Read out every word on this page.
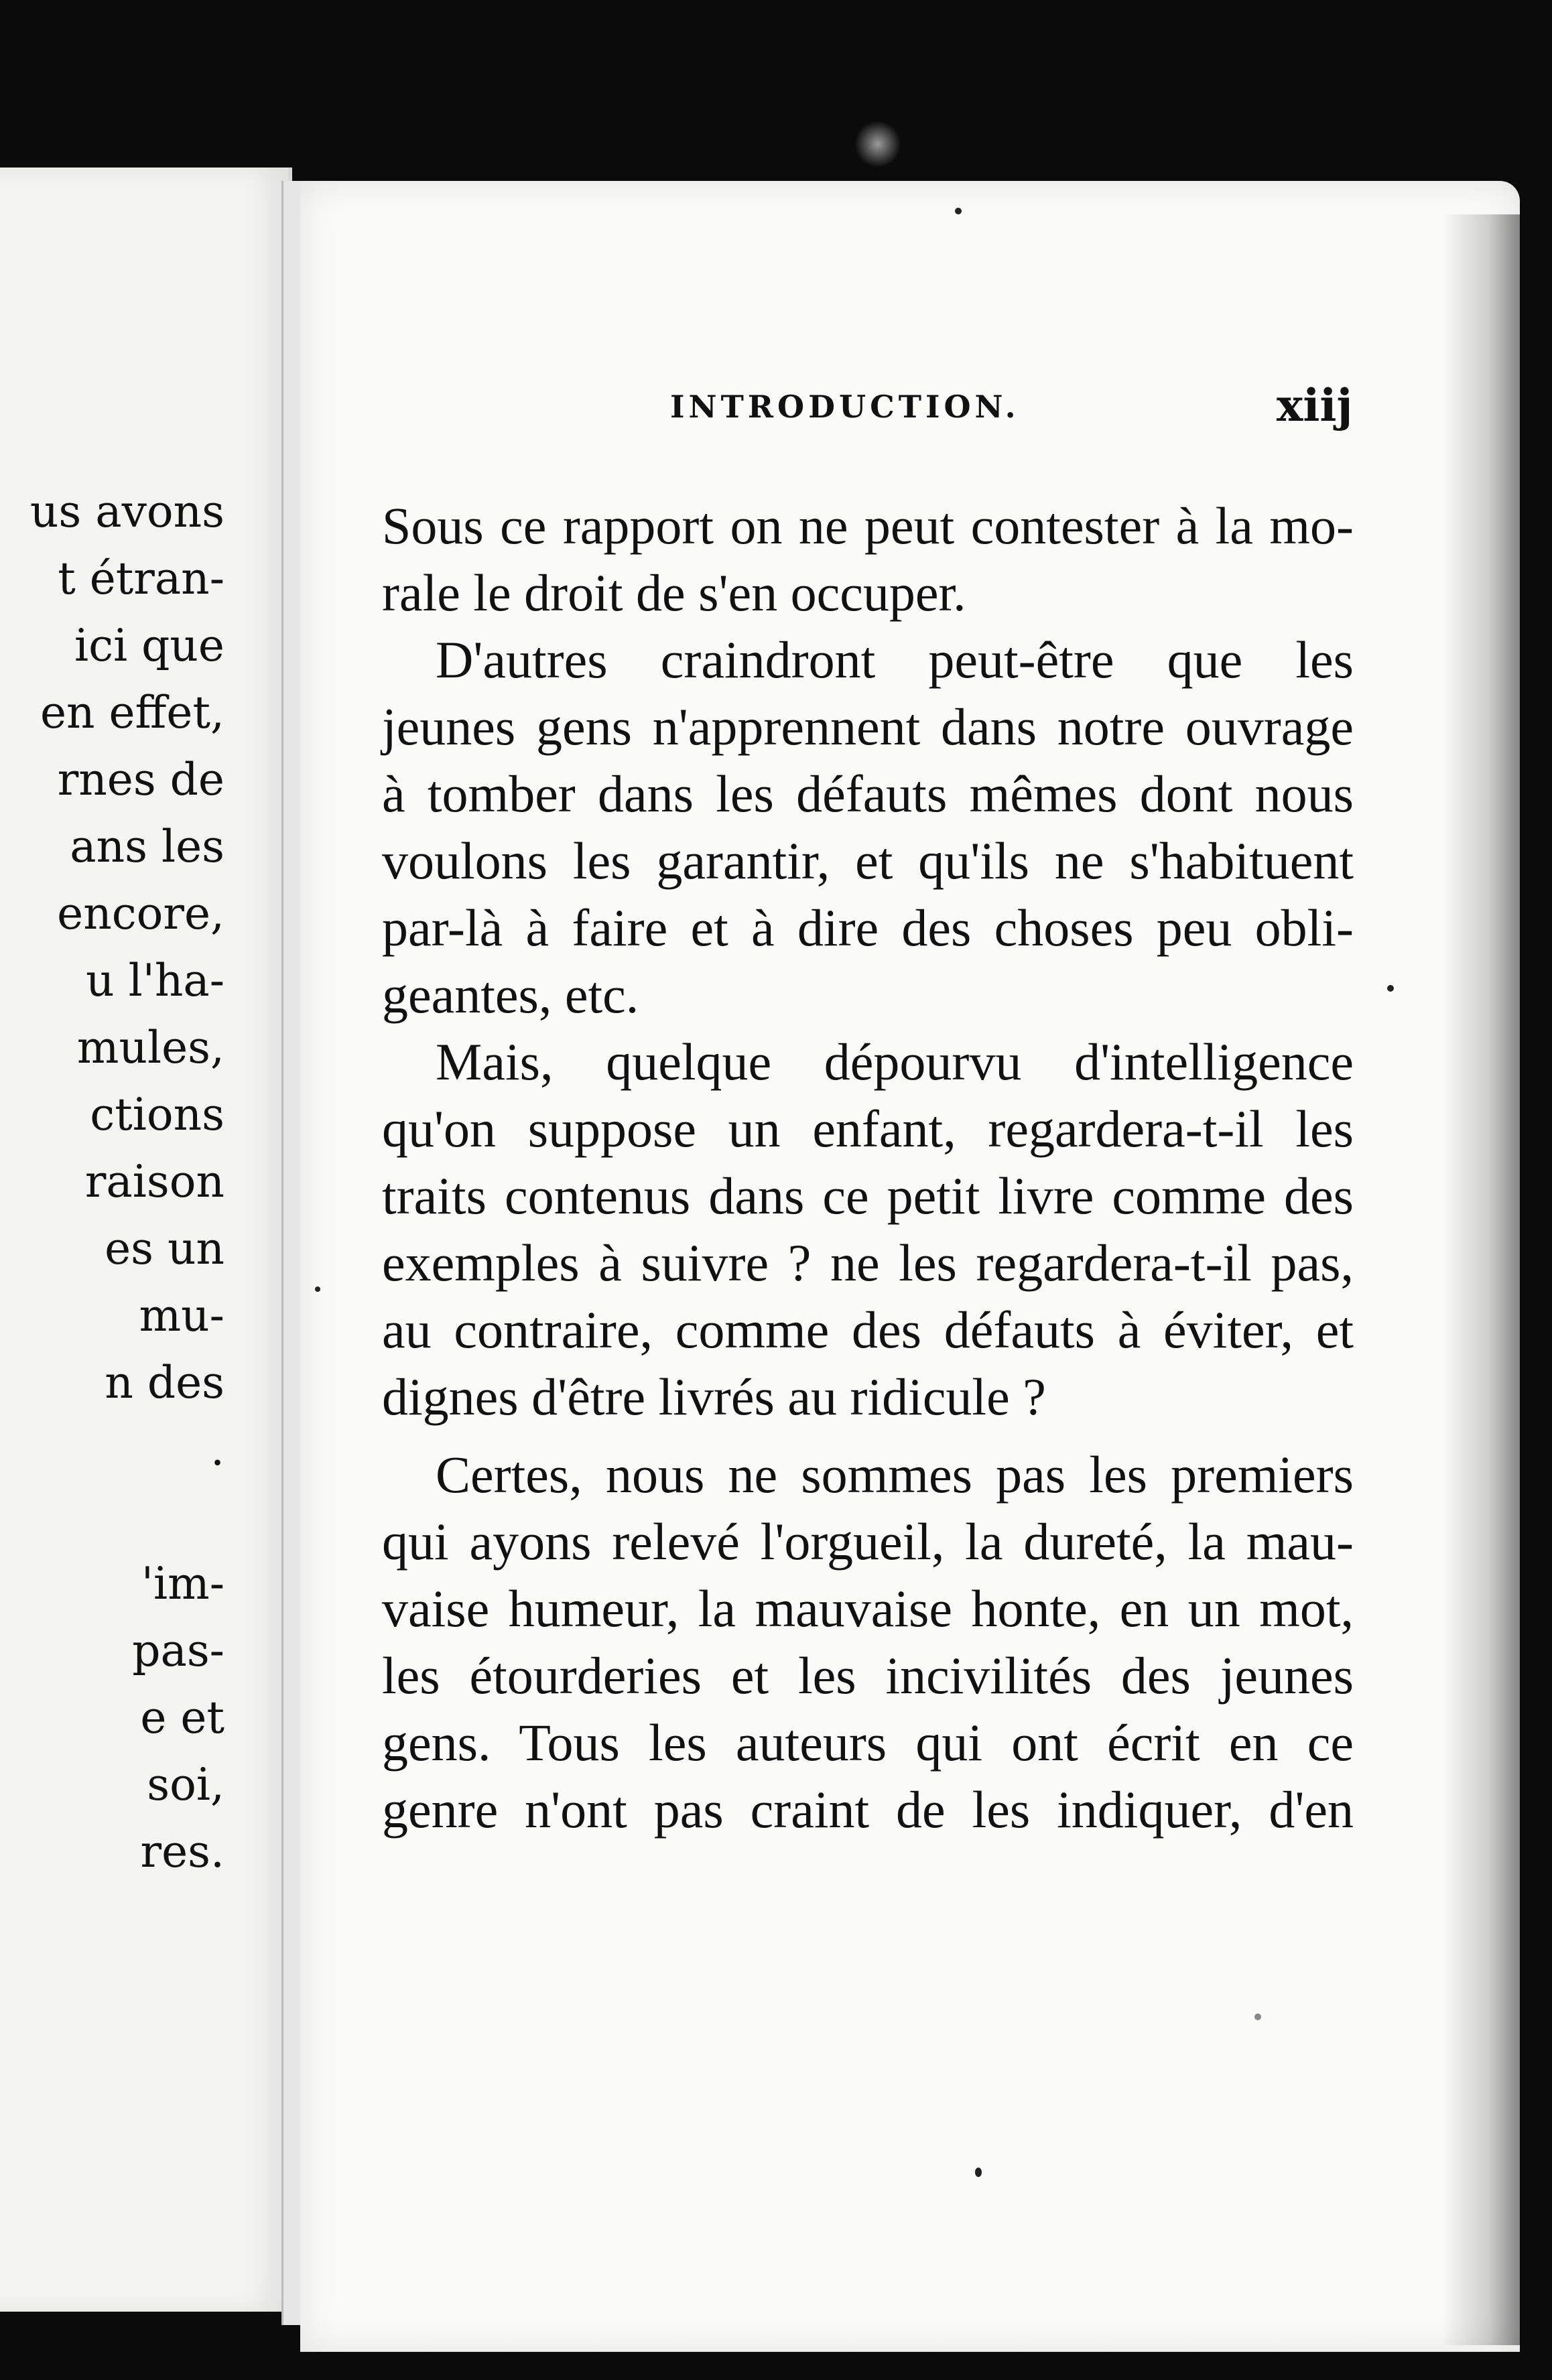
us avons
t étran-
ici que
en effet,
rnes de
ans les
encore,
u l'ha-
mules,
ctions
raison
es un
mu-
n des
.
'im-
pas-
e et
soi,
res.
INTRODUCTION.	xiij
Sous ce rapport on ne peut contester à la mo-
rale le droit de s'en occuper.
D'autres craindront peut-être que les
jeunes gens n'apprennent dans notre ouvrage
à tomber dans les défauts mêmes dont nous
voulons les garantir, et qu'ils ne s'habituent
par-là à faire et à dire des choses peu obli-
geantes, etc.
Mais, quelque dépourvu d'intelligence
qu'on suppose un enfant, regardera-t-il les
traits contenus dans ce petit livre comme des
exemples à suivre ? ne les regardera-t-il pas,
au contraire, comme des défauts à éviter, et
dignes d'être livrés au ridicule ?
Certes, nous ne sommes pas les premiers
qui ayons relevé l'orgueil, la dureté, la mau-
vaise humeur, la mauvaise honte, en un mot,
les étourderies et les incivilités des jeunes
gens. Tous les auteurs qui ont écrit en ce
genre n'ont pas craint de les indiquer, d'en
